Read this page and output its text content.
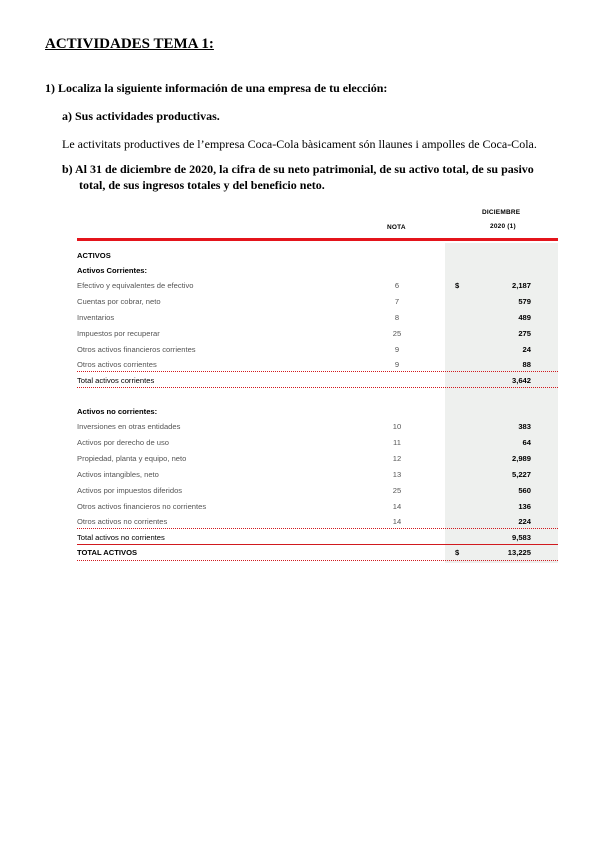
ACTIVIDADES TEMA 1:

1) Localiza la siguiente información de una empresa de tu elección:

a) Sus actividades productivas.

Le activitats productives de l’empresa Coca-Cola bàsicament són llaunes i ampolles de Coca-Cola.

b) Al 31 de diciembre de 2020, la cifra de su neto patrimonial, de su activo total, de su pasivo
total, de sus ingresos totales y del beneficio neto.

DICIEMBRE
2020 (1)
NOTA
ACTIVOS
Activos Corrientes:
Efectivo y equivalentes de efectivo	6	$	2,187
Cuentas por cobrar, neto	7	579
Inventarios	8	489
Impuestos por recuperar	25	275
Otros activos financieros corrientes	9	24
Otros activos corrientes	9	88
Total activos corrientes	3,642
Activos no corrientes:
Inversiones en otras entidades	10	383
Activos por derecho de uso	11	64
Propiedad, planta y equipo, neto	12	2,989
Activos intangibles, neto	13	5,227
Activos por impuestos diferidos	25	560
Otros activos financieros no corrientes	14	136
Otros activos no corrientes	14	224
Total activos no corrientes	9,583
TOTAL ACTIVOS	$	13,225
